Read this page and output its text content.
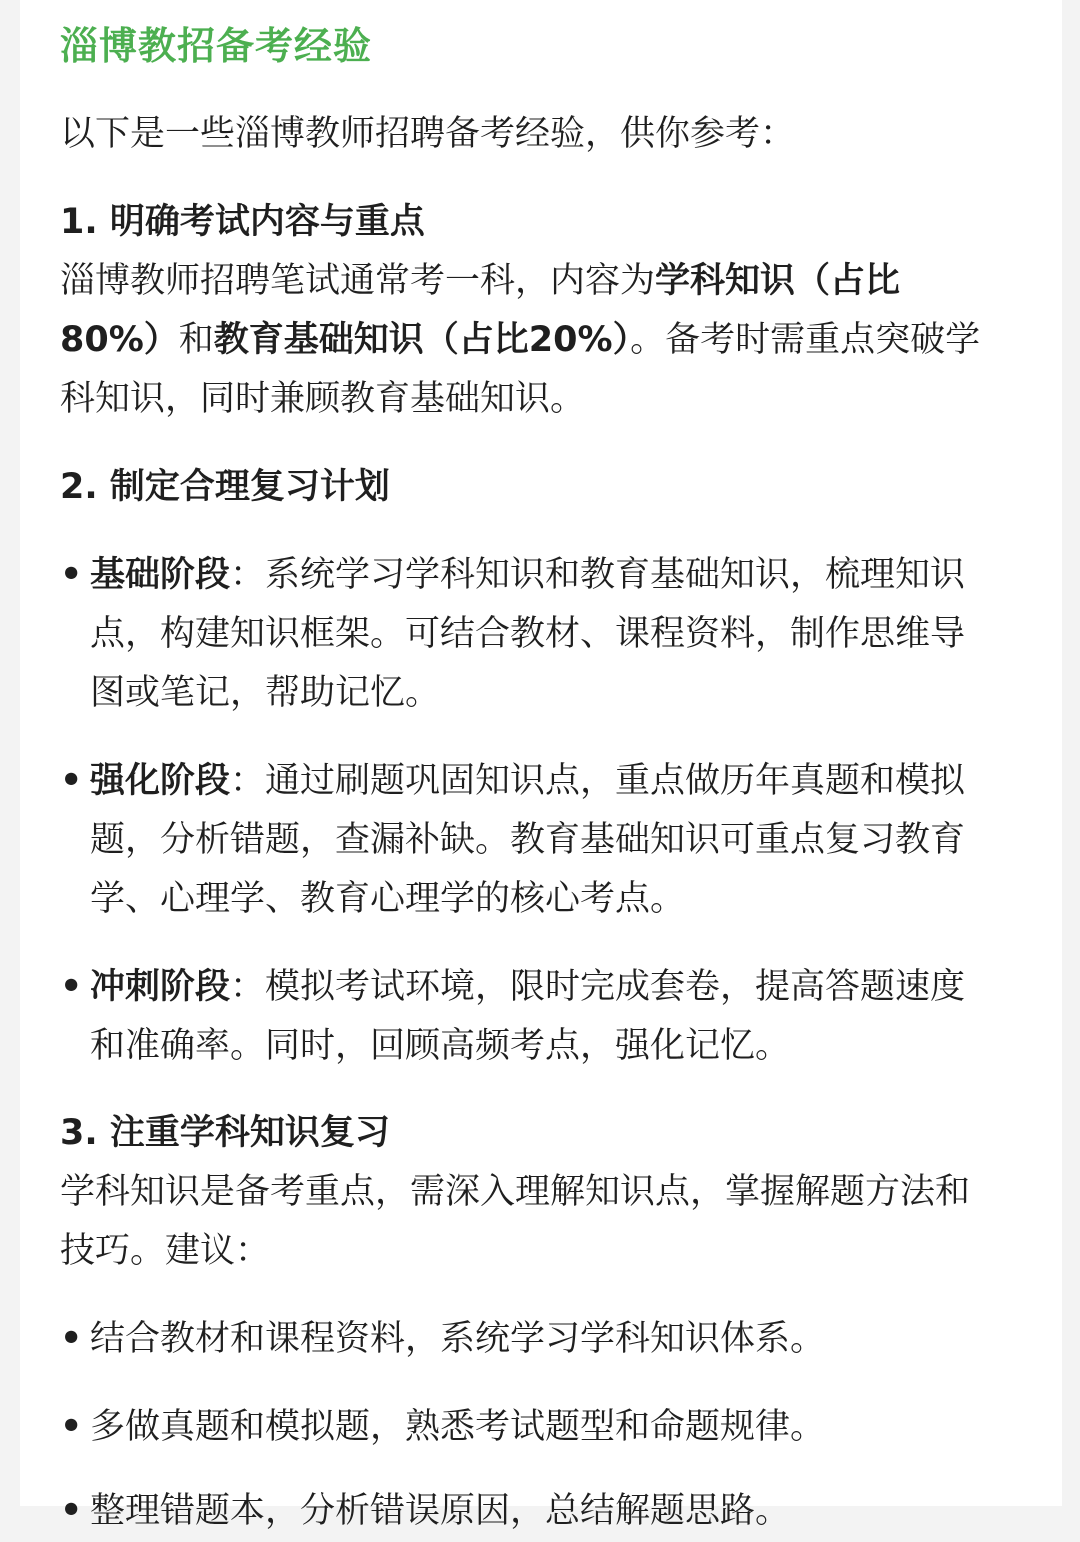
淄博教招备考经验
以下是一些淄博教师招聘备考经验，供你参考：
1. 明确考试内容与重点
淄博教师招聘笔试通常考一科，内容为学科知识（占比
80%）和教育基础知识（占比20%）。备考时需重点突破学
科知识，同时兼顾教育基础知识。
2. 制定合理复习计划
• 基础阶段：系统学习学科知识和教育基础知识，梳理知识
点，构建知识框架。可结合教材、课程资料，制作思维导
图或笔记，帮助记忆。
• 强化阶段：通过刷题巩固知识点，重点做历年真题和模拟
题，分析错题，查漏补缺。教育基础知识可重点复习教育
学、心理学、教育心理学的核心考点。
• 冲刺阶段：模拟考试环境，限时完成套卷，提高答题速度
和准确率。同时，回顾高频考点，强化记忆。
3. 注重学科知识复习
学科知识是备考重点，需深入理解知识点，掌握解题方法和
技巧。建议：
• 结合教材和课程资料，系统学习学科知识体系。
• 多做真题和模拟题，熟悉考试题型和命题规律。
• 整理错题本，分析错误原因，总结解题思路。
